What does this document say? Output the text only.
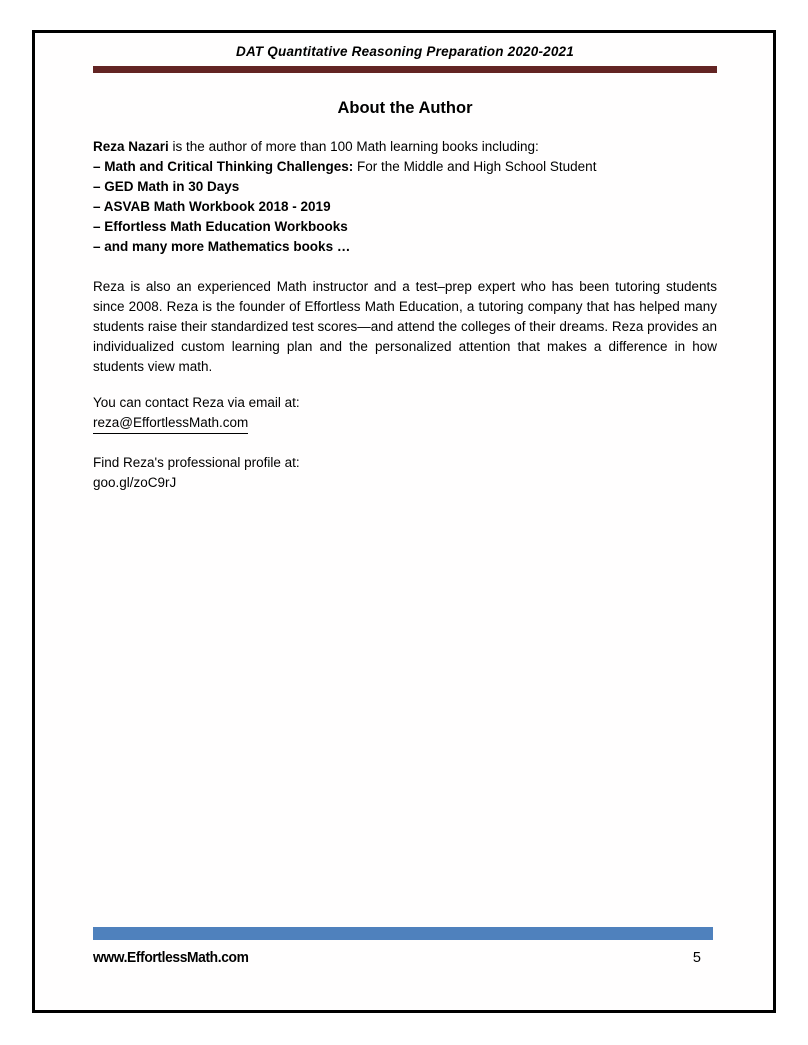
DAT Quantitative Reasoning Preparation 2020-2021
About the Author

Reza Nazari is the author of more than 100 Math learning books including:

– Math and Critical Thinking Challenges: For the Middle and High School Student

– GED Math in 30 Days

– ASVAB Math Workbook 2018 - 2019

– Effortless Math Education Workbooks

– and many more Mathematics books …

Reza is also an experienced Math instructor and a test–prep expert who has been tutoring students since 2008. Reza is the founder of Effortless Math Education, a tutoring company that has helped many students raise their standardized test scores—and attend the colleges of their dreams. Reza provides an individualized custom learning plan and the personalized attention that makes a difference in how students view math.

You can contact Reza via email at:

reza@EffortlessMath.com

Find Reza's professional profile at:

goo.gl/zoC9rJ

www.EffortlessMath.com	5
